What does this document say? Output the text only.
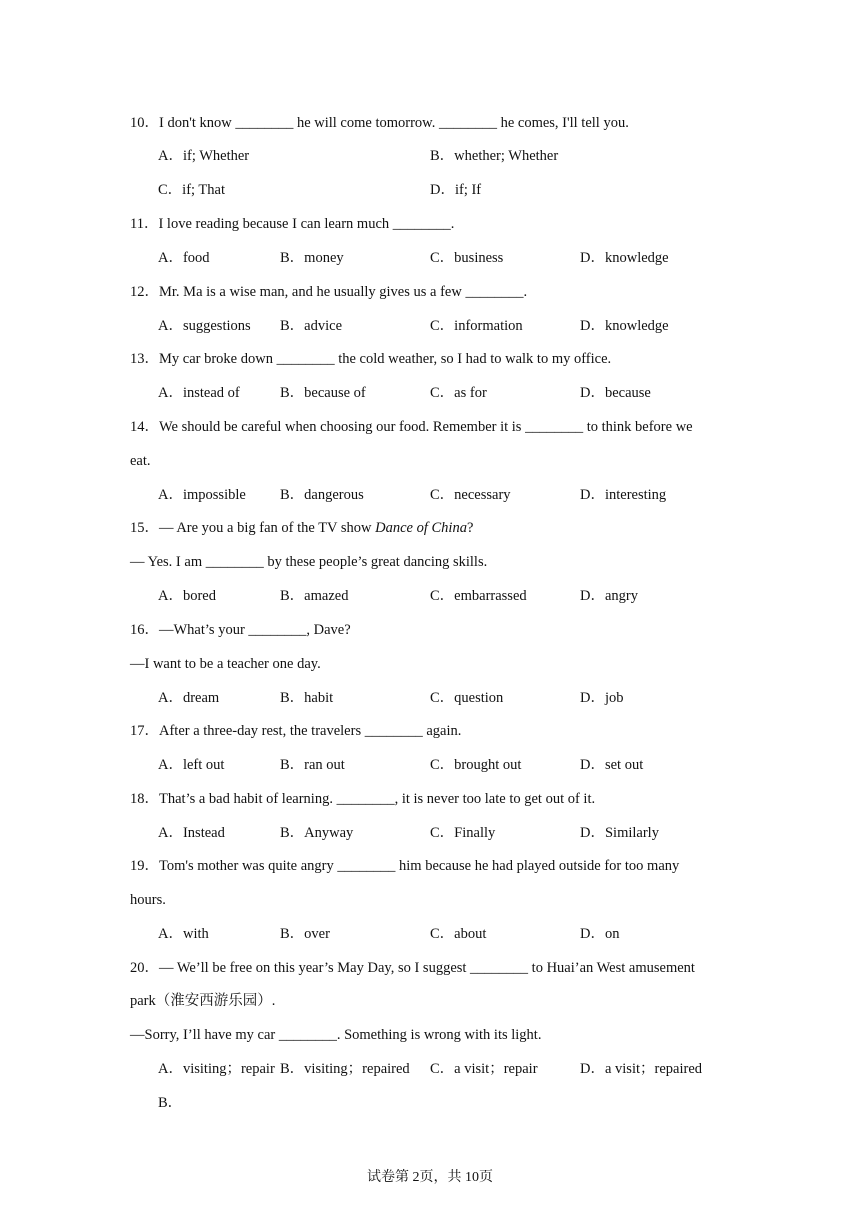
10．I don't know ________ he will come tomorrow. ________ he comes, I'll tell you.
A．if; Whether	B．whether; Whether
C．if; That	D．if; If
11．I love reading because I can learn much ________.
A．food	B．money	C．business	D．knowledge
12．Mr. Ma is a wise man, and he usually gives us a few ________.
A．suggestions B．advice	C．information	D．knowledge
13．My car broke down ________ the cold weather, so I had to walk to my office.
A．instead of	B．because of	C．as for	D．because
14．We should be careful when choosing our food. Remember it is ________ to think before we
eat.
A．impossible B．dangerous	C．necessary	D．interesting
15．— Are you a big fan of the TV show Dance of China?
— Yes. I am ________ by these people’s great dancing skills.
A．bored	B．amazed	C．embarrassed	D．angry
16．—What’s your ________, Dave?
—I want to be a teacher one day.
A．dream	B．habit	C．question	D．job
17．After a three-day rest, the travelers ________ again.
A．left out	B．ran out	C．brought out	D．set out
18．That’s a bad habit of learning. ________, it is never too late to get out of it.
A．Instead	B．Anyway	C．Finally	D．Similarly
19．Tom's mother was quite angry ________ him because he had played outside for too many
hours.
A．with	B．over	C．about	D．on
20．— We’ll be free on this year’s May Day, so I suggest ________ to Huai’an West amusement
park（淮安西游乐园）.
—Sorry, I’ll have my car ________. Something is wrong with its light.
A．visiting；repair B．visiting；repaired C．a visit；repair	D．a visit；repaired
B．
试卷第 2页，共 10页
